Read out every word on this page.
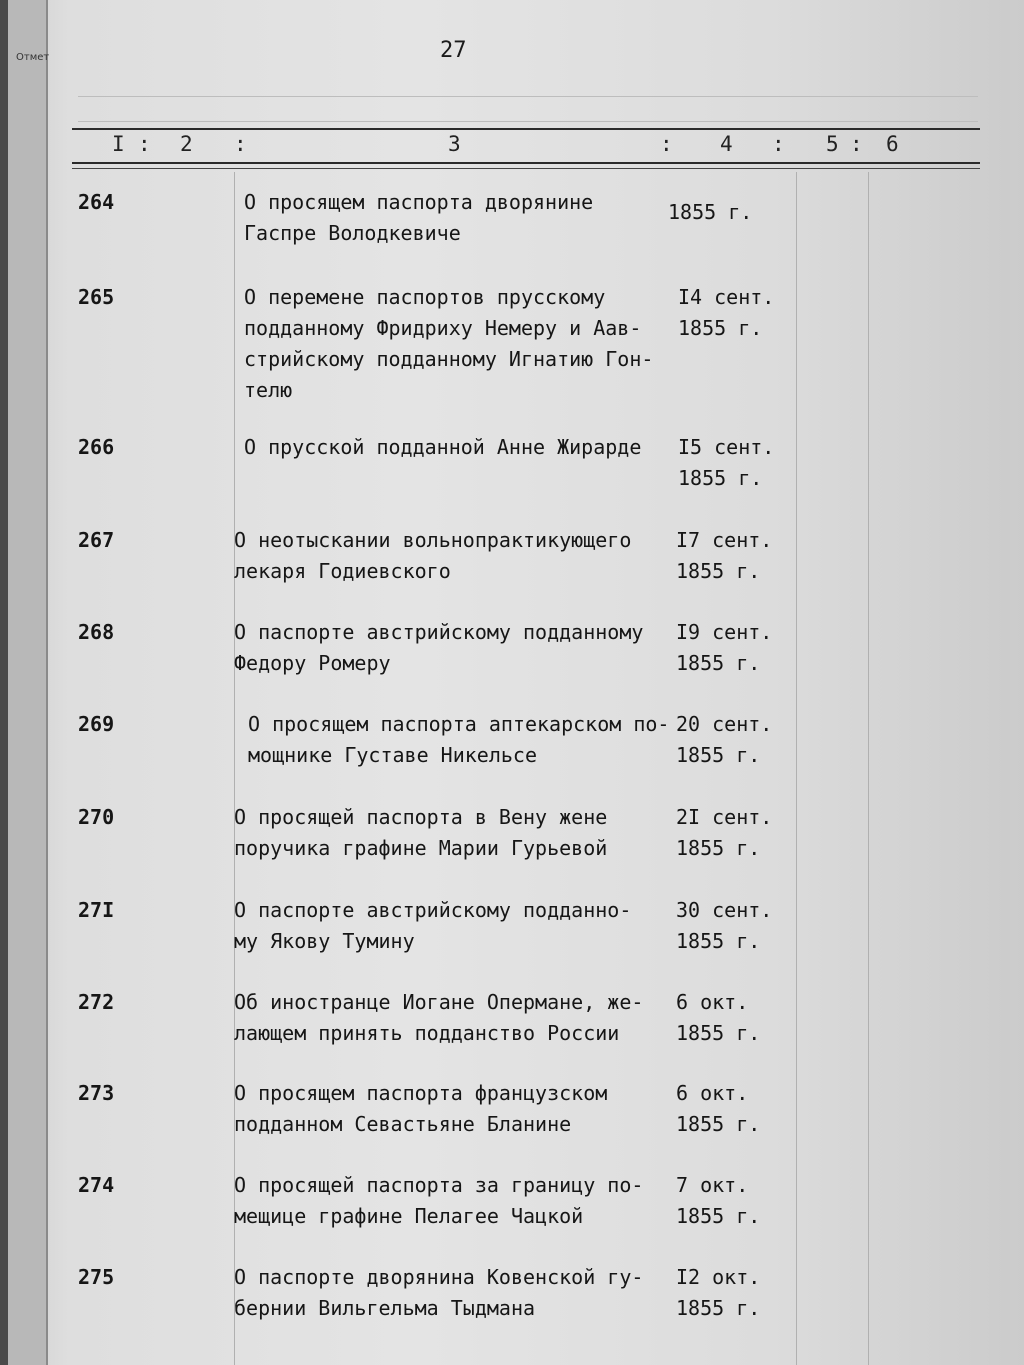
Отмет	27
I : 2 :	3	: 4 : 5 : 6
264	О просящем паспорта дворянине
Гаспре Володкевиче
1855 г.
265	О перемене паспортов прусскому
подданному Фридриху Немеру и Аав-
стрийскому подданному Игнатию Гон-
телю
I4 сент.
1855 г.
266	О прусской подданной Анне Жирарде	I5 сент.
1855 г.
267	О неотыскании вольнопрактикующего
лекаря Годиевского
I7 сент.
1855 г.
268	О паспорте австрийскому подданному
Федору Ромеру
I9 сент.
1855 г.
269	О просящем паспорта аптекарском по-
мощнике Густаве Никельсе
20 сент.
1855 г.
270	О просящей паспорта в Вену жене
поручика графине Марии Гурьевой
2I сент.
1855 г.
27I	О паспорте австрийскому подданно-
му Якову Тумину
30 сент.
1855 г.
272	Об иностранце Иогане Опермане, же-
лающем принять подданство России
6 окт.
1855 г.
273	О просящем паспорта французском
подданном Севастьяне Бланине
6 окт.
1855 г.
274	О просящей паспорта за границу по-
мещице графине Пелагее Чацкой
7 окт.
1855 г.
275	О паспорте дворянина Ковенской гу-
бернии Вильгельма Тыдмана
I2 окт.
1855 г.
